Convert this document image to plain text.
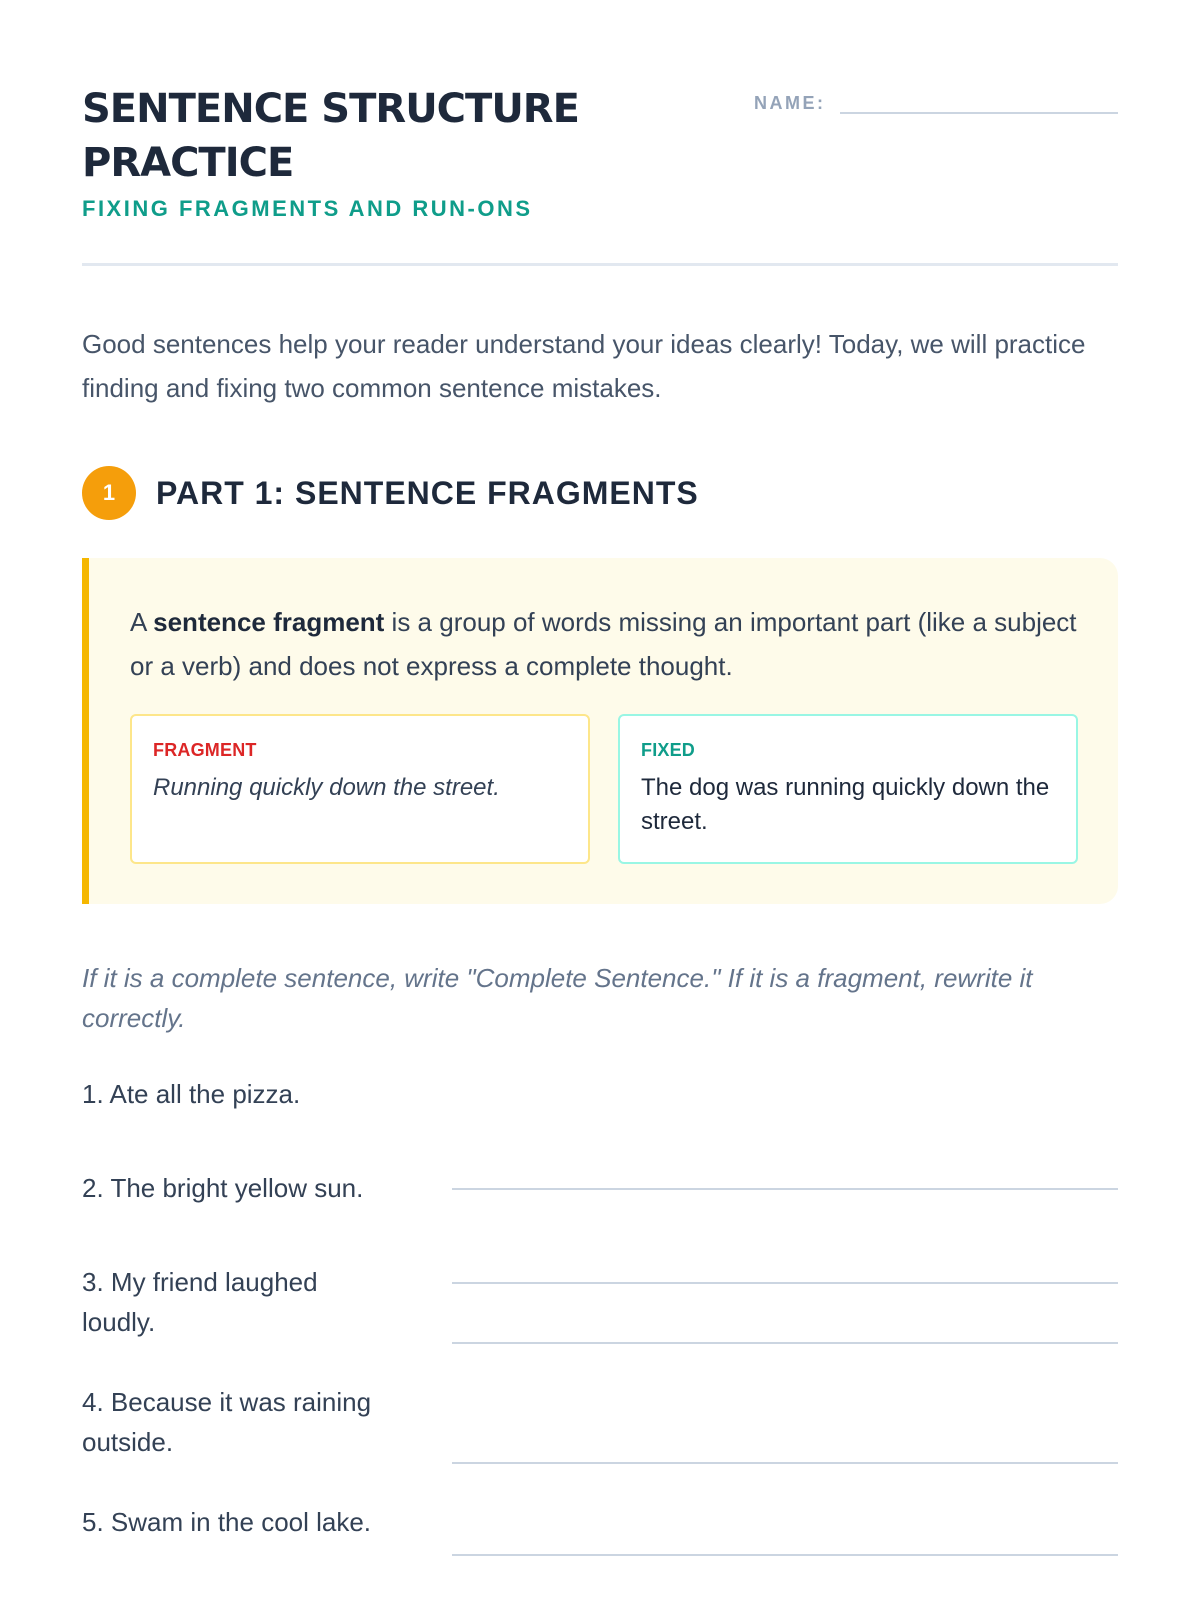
SENTENCE STRUCTURE PRACTICE
FIXING FRAGMENTS AND RUN-ONS
NAME:

Good sentences help your reader understand your ideas clearly! Today, we will practice finding and fixing two common sentence mistakes.

1	PART 1: SENTENCE FRAGMENTS

A sentence fragment is a group of words missing an important part (like a subject or a verb) and does not express a complete thought.

FRAGMENT
Running quickly down the street.
FIXED
The dog was running quickly down the street.

If it is a complete sentence, write "Complete Sentence." If it is a fragment, rewrite it correctly.

1. Ate all the pizza.
2. The bright yellow sun.
3. My friend laughed loudly.
4. Because it was raining outside.
5. Swam in the cool lake.
